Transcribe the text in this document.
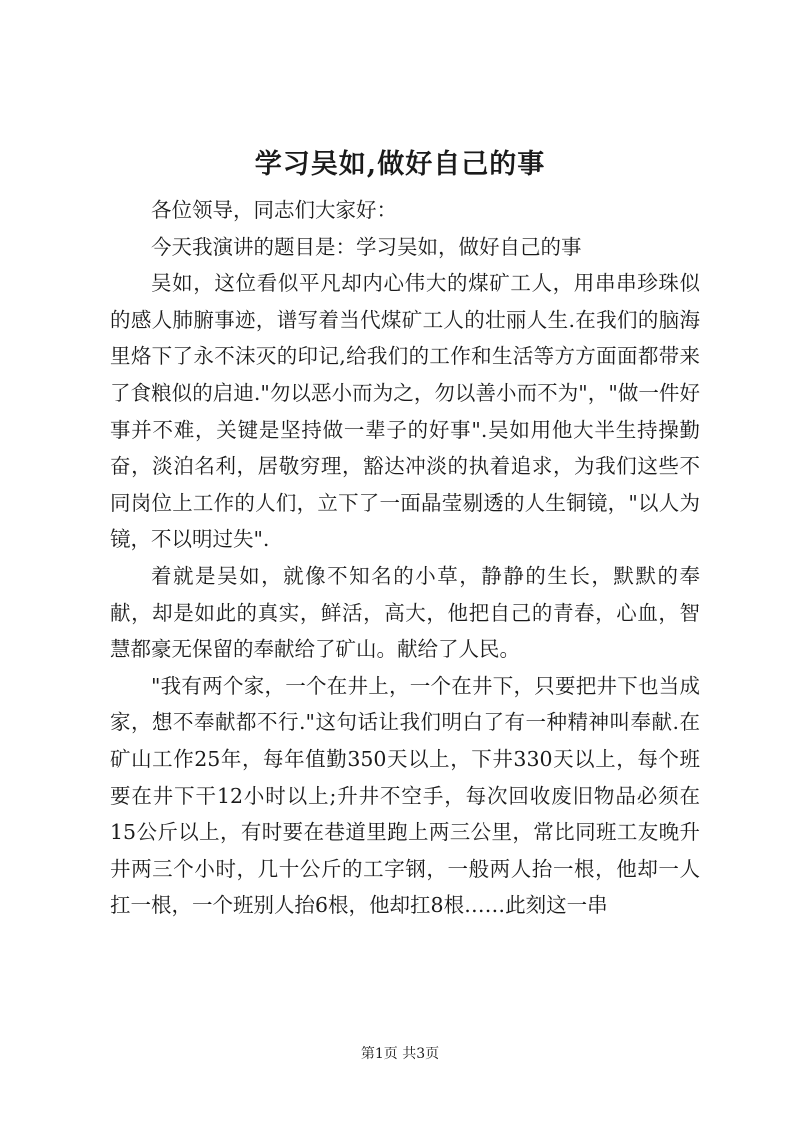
学习吴如,做好自己的事

各位领导，同志们大家好：

今天我演讲的题目是：学习吴如，做好自己的事

吴如，这位看似平凡却内心伟大的煤矿工人，用串串珍珠似的感人肺腑事迹，谱写着当代煤矿工人的壮丽人生.在我们的脑海里烙下了永不沫灭的印记,给我们的工作和生活等方方面面都带来了食粮似的启迪."勿以恶小而为之，勿以善小而不为"，"做一件好事并不难，关键是坚持做一辈子的好事".吴如用他大半生持操勤奋，淡泊名利，居敬穷理，豁达冲淡的执着追求，为我们这些不同岗位上工作的人们，立下了一面晶莹剔透的人生铜镜，"以人为镜，不以明过失".

着就是吴如，就像不知名的小草，静静的生长，默默的奉献，却是如此的真实，鲜活，高大，他把自己的青春，心血，智慧都豪无保留的奉献给了矿山。献给了人民。

"我有两个家，一个在井上，一个在井下，只要把井下也当成家，想不奉献都不行."这句话让我们明白了有一种精神叫奉献.在矿山工作25年，每年值勤350天以上，下井330天以上，每个班要在井下干12小时以上;升井不空手，每次回收废旧物品必须在15公斤以上，有时要在巷道里跑上两三公里，常比同班工友晚升井两三个小时，几十公斤的工字钢，一般两人抬一根，他却一人扛一根，一个班别人抬6根，他却扛8根……此刻这一串

第1页 共3页
